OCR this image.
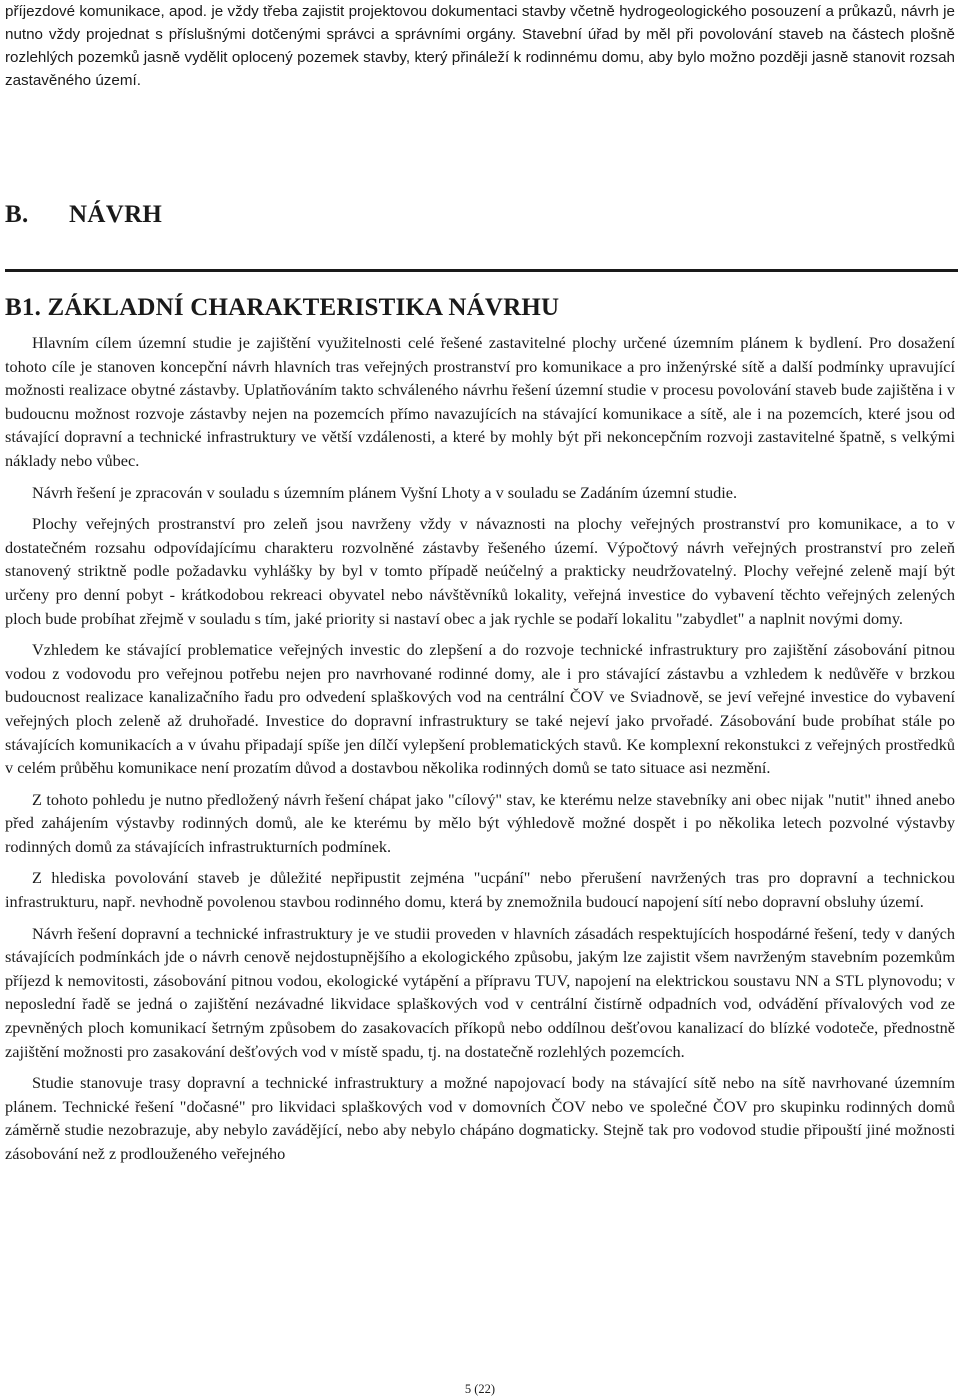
příjezdové komunikace, apod. je vždy třeba zajistit projektovou dokumentaci stavby včetně hydrogeologického posouzení a průkazů, návrh je nutno vždy projednat s příslušnými dotčenými správci a správními orgány. Stavební úřad by měl při povolování staveb na částech plošně rozlehlých pozemků jasně vydělit oplocený pozemek stavby, který přináleží k rodinnému domu, aby bylo možno později jasně stanovit rozsah zastavěného území.

B. NÁVRH
B1. ZÁKLADNÍ CHARAKTERISTIKA NÁVRHU

Hlavním cílem územní studie je zajištění využitelnosti celé řešené zastavitelné plochy určené územním plánem k bydlení. Pro dosažení tohoto cíle je stanoven koncepční návrh hlavních tras veřejných prostranství pro komunikace a pro inženýrské sítě a další podmínky upravující možnosti realizace obytné zástavby. Uplatňováním takto schváleného návrhu řešení územní studie v procesu povolování staveb bude zajištěna i v budoucnu možnost rozvoje zástavby nejen na pozemcích přímo navazujících na stávající komunikace a sítě, ale i na pozemcích, které jsou od stávající dopravní a technické infrastruktury ve větší vzdálenosti, a které by mohly být při nekoncepčním rozvoji zastavitelné špatně, s velkými náklady nebo vůbec.

Návrh řešení je zpracován v souladu s územním plánem Vyšní Lhoty a v souladu se Zadáním územní studie.

Plochy veřejných prostranství pro zeleň jsou navrženy vždy v návaznosti na plochy veřejných prostranství pro komunikace, a to v dostatečném rozsahu odpovídajícímu charakteru rozvolněné zástavby řešeného území. Výpočtový návrh veřejných prostranství pro zeleň stanovený striktně podle požadavku vyhlášky by byl v tomto případě neúčelný a prakticky neudržovatelný. Plochy veřejné zeleně mají být určeny pro denní pobyt - krátkodobou rekreaci obyvatel nebo návštěvníků lokality, veřejná investice do vybavení těchto veřejných zelených ploch bude probíhat zřejmě v souladu s tím, jaké priority si nastaví obec a jak rychle se podaří lokalitu "zabydlet" a naplnit novými domy.

Vzhledem ke stávající problematice veřejných investic do zlepšení a do rozvoje technické infrastruktury pro zajištění zásobování pitnou vodou z vodovodu pro veřejnou potřebu nejen pro navrhované rodinné domy, ale i pro stávající zástavbu a vzhledem k nedůvěře v brzkou budoucnost realizace kanalizačního řadu pro odvedení splaškových vod na centrální ČOV ve Sviadnově, se jeví veřejné investice do vybavení veřejných ploch zeleně až druhořadé. Investice do dopravní infrastruktury se také nejeví jako prvořadé. Zásobování bude probíhat stále po stávajících komunikacích a v úvahu připadají spíše jen dílčí vylepšení problematických stavů. Ke komplexní rekonstukci z veřejných prostředků v celém průběhu komunikace není prozatím důvod a dostavbou několika rodinných domů se tato situace asi nezmění.

Z tohoto pohledu je nutno předložený návrh řešení chápat jako "cílový" stav, ke kterému nelze stavebníky ani obec nijak "nutit" ihned anebo před zahájením výstavby rodinných domů, ale ke kterému by mělo být výhledově možné dospět i po několika letech pozvolné výstavby rodinných domů za stávajících infrastrukturních podmínek.

Z hlediska povolování staveb je důležité nepřipustit zejména "ucpání" nebo přerušení navržených tras pro dopravní a technickou infrastrukturu, např. nevhodně povolenou stavbou rodinného domu, která by znemožnila budoucí napojení sítí nebo dopravní obsluhy území.

Návrh řešení dopravní a technické infrastruktury je ve studii proveden v hlavních zásadách respektujících hospodárné řešení, tedy v daných stávajících podmínkách jde o návrh cenově nejdostupnějšího a ekologického způsobu, jakým lze zajistit všem navrženým stavebním pozemkům příjezd k nemovitosti, zásobování pitnou vodou, ekologické vytápění a přípravu TUV, napojení na elektrickou soustavu NN a STL plynovodu; v neposlední řadě se jedná o zajištění nezávadné likvidace splaškových vod v centrální čistírně odpadních vod, odvádění přívalových vod ze zpevněných ploch komunikací šetrným způsobem do zasakovacích příkopů nebo oddílnou dešťovou kanalizací do blízké vodoteče, přednostně zajištění možnosti pro zasakování dešťových vod v místě spadu, tj. na dostatečně rozlehlých pozemcích.

Studie stanovuje trasy dopravní a technické infrastruktury a možné napojovací body na stávající sítě nebo na sítě navrhované územním plánem. Technické řešení "dočasné" pro likvidaci splaškových vod v domovních ČOV nebo ve společné ČOV pro skupinku rodinných domů záměrně studie nezobrazuje, aby nebylo zavádějící, nebo aby nebylo chápáno dogmaticky. Stejně tak pro vodovod studie připouští jiné možnosti zásobování než z prodlouženého veřejného

5 (22)
